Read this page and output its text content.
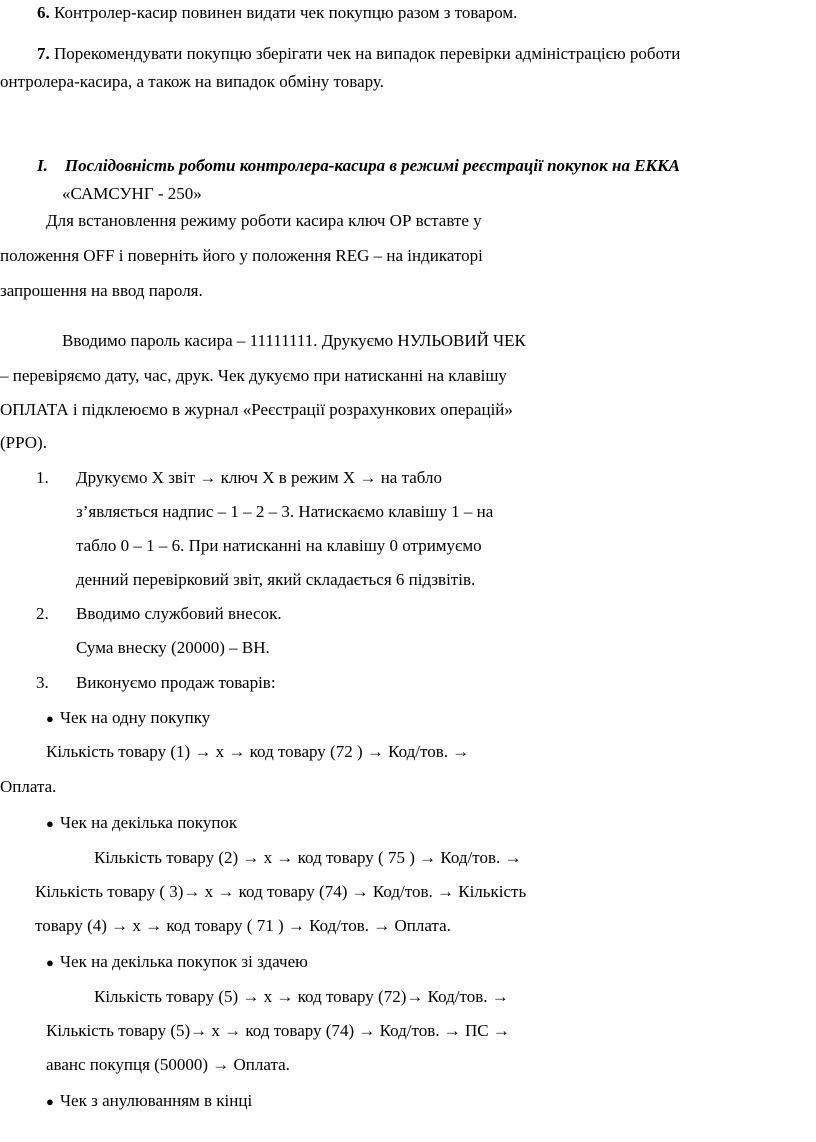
6. Контролер-касир повинен видати чек покупцю разом з товаром.
7. Порекомендувати покупцю зберігати чек на випадок перевірки адміністрацією роботи
онтролера-касира, а також на випадок обміну товару.
I. Послідовність роботи контролера-касира в режимі реєстрації покупок на ЕККА
«САМСУНГ - 250»
Для встановлення режиму роботи касира ключ ОР вставте у
положення OFF і поверніть його у положення REG – на індикаторі
запрошення на ввод пароля.
Вводимо пароль касира – 11111111. Друкуємо НУЛЬОВИЙ ЧЕК
– перевіряємо дату, час, друк. Чек дукуємо при натисканні на клавішу
ОПЛАТА і підклеюємо в журнал «Реєстрації розрахункових операцій»
(РРО).
1. Друкуємо Х звіт → ключ Х в режим Х → на табло
з’являється надпис – 1 – 2 – 3. Натискаємо клавішу 1 – на
табло 0 – 1 – 6. При натисканні на клавішу 0 отримуємо
денний перевірковий звіт, який складається 6 підзвітів.
2. Вводимо службовий внесок.
Сума внеску (20000) – ВН.
3. Виконуємо продаж товарів:
● Чек на одну покупку
Кількість товару (1) → х → код товару (72 ) → Код/тов. →
Оплата.
● Чек на декілька покупок
Кількість товару (2) → х → код товару ( 75 ) → Код/тов. →
Кількість товару ( 3)→ х → код товару (74) → Код/тов. → Кількість
товару (4) → х → код товару ( 71 ) → Код/тов. → Оплата.
● Чек на декілька покупок зі здачею
Кількість товару (5) → х → код товару (72)→ Код/тов. →
Кількість товару (5)→ х → код товару (74) → Код/тов. → ПС →
аванс покупця (50000) → Оплата.
● Чек з анулюванням в кінці
